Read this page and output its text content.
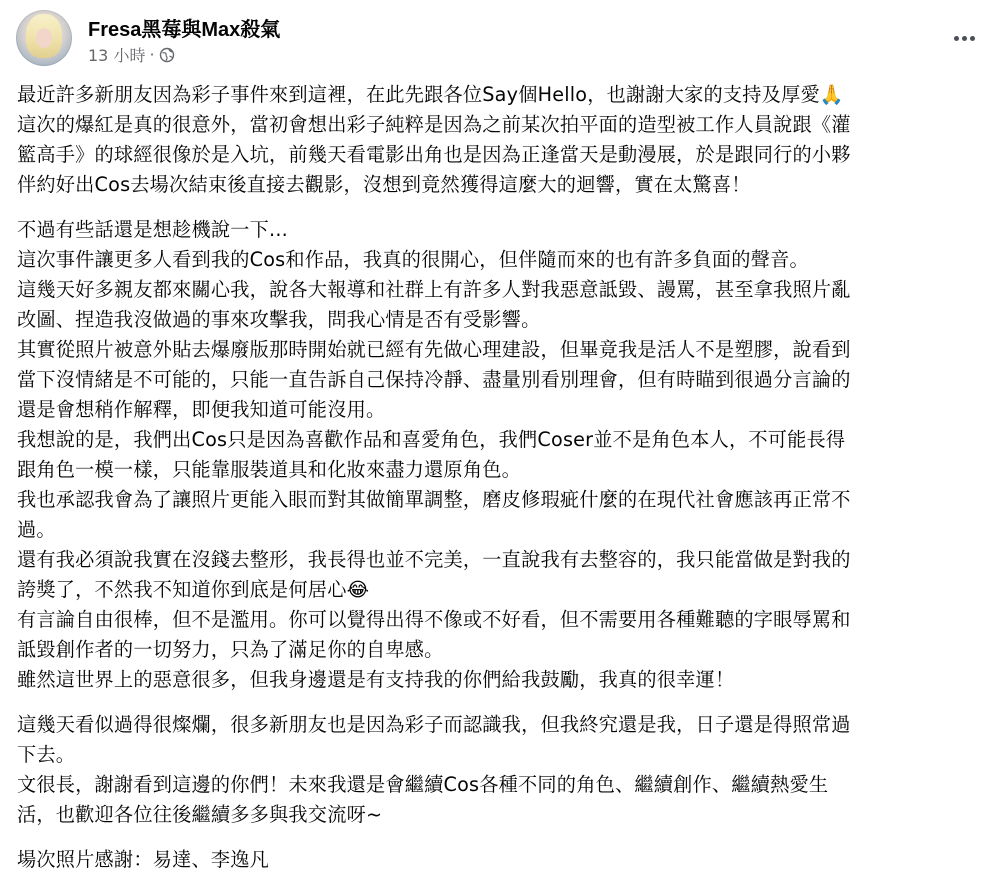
Fresa黑莓與Max殺氣
13 小時 ·
最近許多新朋友因為彩子事件來到這裡，在此先跟各位Say個Hello，也謝謝大家的支持及厚愛🙏
這次的爆紅是真的很意外，當初會想出彩子純粹是因為之前某次拍平面的造型被工作人員說跟《灌
籃高手》的球經很像於是入坑，前幾天看電影出角也是因為正逢當天是動漫展，於是跟同行的小夥
伴約好出Cos去場次結束後直接去觀影，沒想到竟然獲得這麼大的迴響，實在太驚喜！
不過有些話還是想趁機說一下...
這次事件讓更多人看到我的Cos和作品，我真的很開心，但伴隨而來的也有許多負面的聲音。
這幾天好多親友都來關心我，說各大報導和社群上有許多人對我惡意詆毀、謾罵，甚至拿我照片亂
改圖、捏造我沒做過的事來攻擊我，問我心情是否有受影響。
其實從照片被意外貼去爆廢版那時開始就已經有先做心理建設，但畢竟我是活人不是塑膠，說看到
當下沒情緒是不可能的，只能一直告訴自己保持冷靜、盡量別看別理會，但有時瞄到很過分言論的
還是會想稍作解釋，即便我知道可能沒用。
我想說的是，我們出Cos只是因為喜歡作品和喜愛角色，我們Coser並不是角色本人，不可能長得
跟角色一模一樣，只能靠服裝道具和化妝來盡力還原角色。
我也承認我會為了讓照片更能入眼而對其做簡單調整，磨皮修瑕疵什麼的在現代社會應該再正常不
過。
還有我必須說我實在沒錢去整形，我長得也並不完美，一直說我有去整容的，我只能當做是對我的
誇獎了，不然我不知道你到底是何居心😂
有言論自由很棒，但不是濫用。你可以覺得出得不像或不好看，但不需要用各種難聽的字眼辱罵和
詆毀創作者的一切努力，只為了滿足你的自卑感。
雖然這世界上的惡意很多，但我身邊還是有支持我的你們給我鼓勵，我真的很幸運！
這幾天看似過得很燦爛，很多新朋友也是因為彩子而認識我，但我終究還是我，日子還是得照常過
下去。
文很長，謝謝看到這邊的你們！未來我還是會繼續Cos各種不同的角色、繼續創作、繼續熱愛生
活，也歡迎各位往後繼續多多與我交流呀~
場次照片感謝：易達、李逸凡
